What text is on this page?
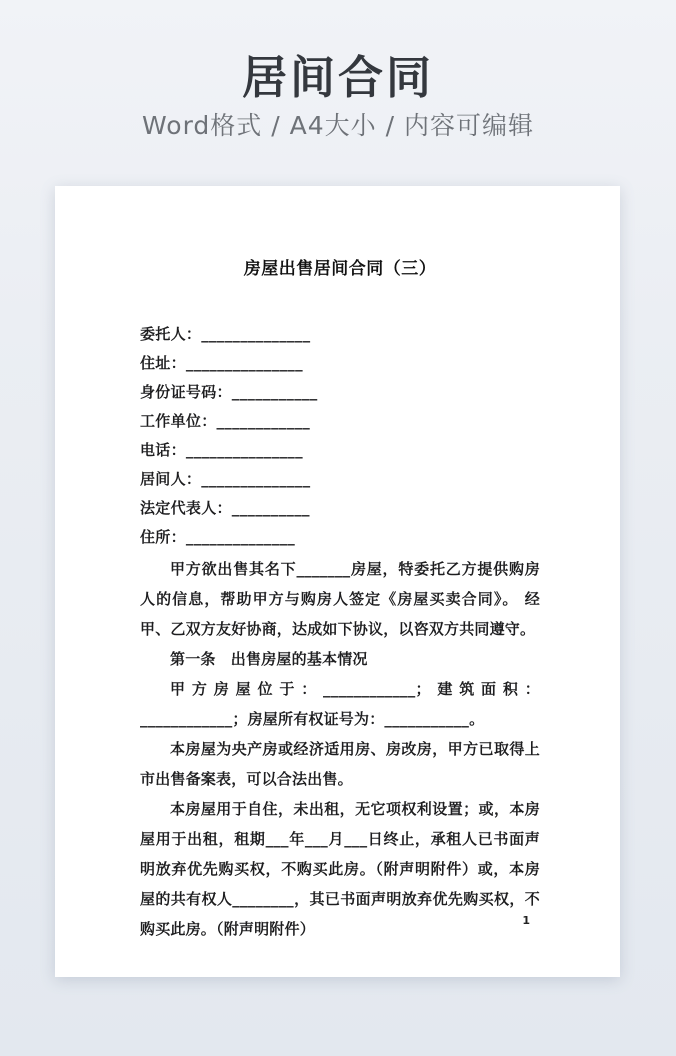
居间合同

Word格式 / A4大小 / 内容可编辑

房屋出售居间合同（三）
委托人：______________
住址：_______________
身份证号码：___________
工作单位：____________
电话：_______________
居间人：______________
法定代表人：__________
住所：______________

甲方欲出售其名下_______房屋，特委托乙方提供购房人的信息，帮助甲方与购房人签定《房屋买卖合同》。 经甲、乙双方友好协商，达成如下协议，以咨双方共同遵守。

第一条　出售房屋的基本情况

甲方房屋位于：____________；建筑面积：____________；房屋所有权证号为：___________。

本房屋为央产房或经济适用房、房改房，甲方已取得上市出售备案表，可以合法出售。

本房屋用于自住，未出租，无它项权利设置；或，本房屋用于出租，租期___年___月___日终止，承租人已书面声明放弃优先购买权，不购买此房。（附声明附件）或，本房屋的共有权人________，其已书面声明放弃优先购买权，不购买此房。（附声明附件）	1
